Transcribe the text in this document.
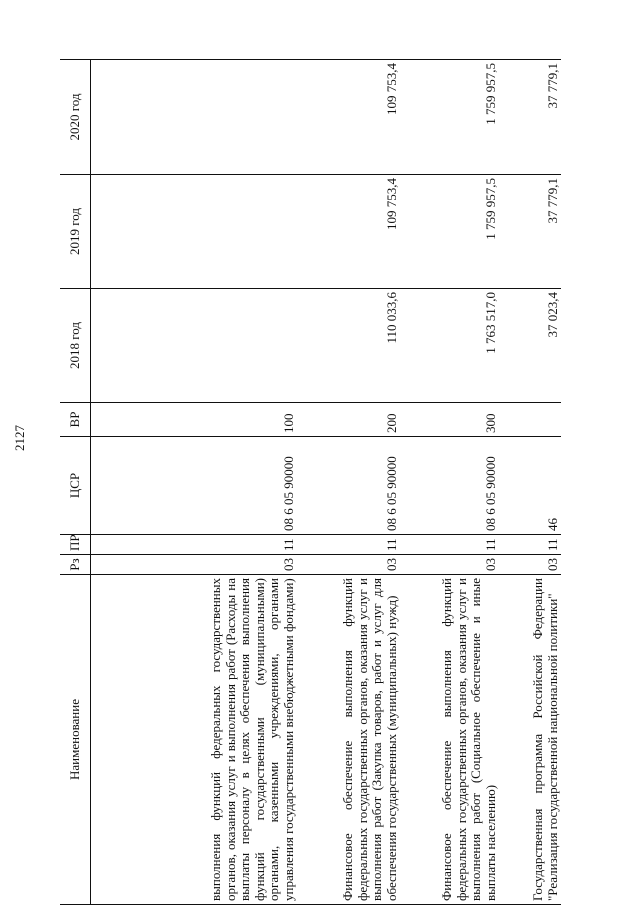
2127
Наименование	Рз	ПР	ЦСР	ВР	2018 год	2019 год	2020 год
выполнения функций федеральных государственных органов, оказания услуг и выполнения работ (Расходы на выплаты персоналу в целях обеспечения выполнения функций государственными (муниципальными) органами, казенными учреждениями, органами управления государственными внебюджетными фондами)	03	11	08 6 05 90000	100			
Финансовое обеспечение выполнения функций федеральных государственных органов, оказания услуг и выполнения работ (Закупка товаров, работ и услуг для обеспечения государственных (муниципальных) нужд)	03	11	08 6 05 90000	200	110 033,6	109 753,4	109 753,4
Финансовое обеспечение выполнения функций федеральных государственных органов, оказания услуг и выполнения работ (Социальное обеспечение и иные выплаты населению)	03	11	08 6 05 90000	300	1 763 517,0	1 759 957,5	1 759 957,5
Государственная программа Российской Федерации "Реализация государственной национальной политики"	03	11	46		37 023,4	37 779,1	37 779,1
